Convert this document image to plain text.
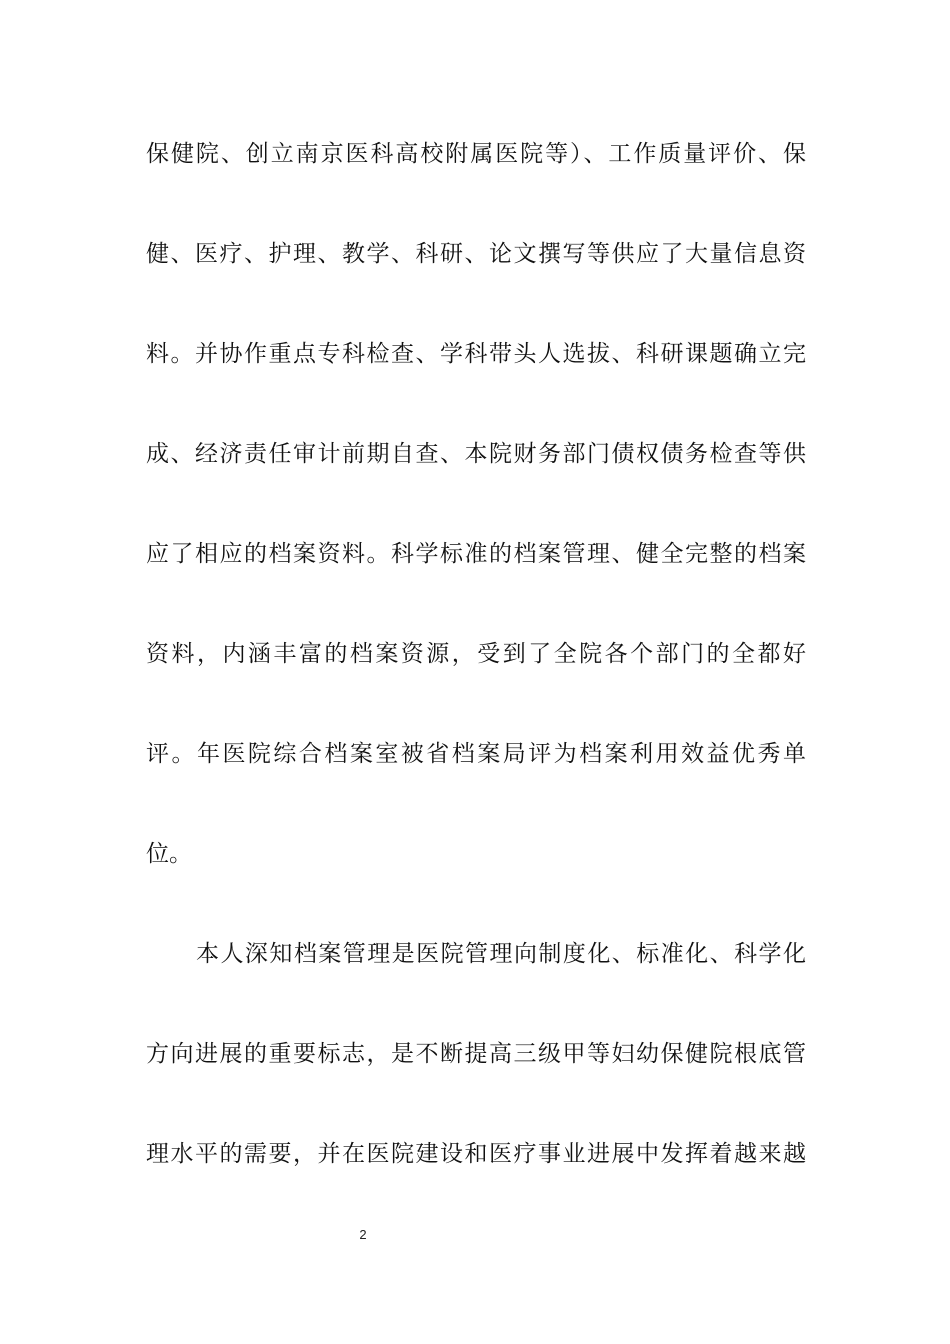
保健院、创立南京医科高校附属医院等）、工作质量评价、保
健、医疗、护理、教学、科研、论文撰写等供应了大量信息资
料。并协作重点专科检查、学科带头人选拔、科研课题确立完
成、经济责任审计前期自查、本院财务部门债权债务检查等供
应了相应的档案资料。科学标准的档案管理、健全完整的档案
资料，内涵丰富的档案资源，受到了全院各个部门的全都好
评。年医院综合档案室被省档案局评为档案利用效益优秀单
位。
本人深知档案管理是医院管理向制度化、标准化、科学化
方向进展的重要标志，是不断提高三级甲等妇幼保健院根底管
理水平的需要，并在医院建设和医疗事业进展中发挥着越来越
2
